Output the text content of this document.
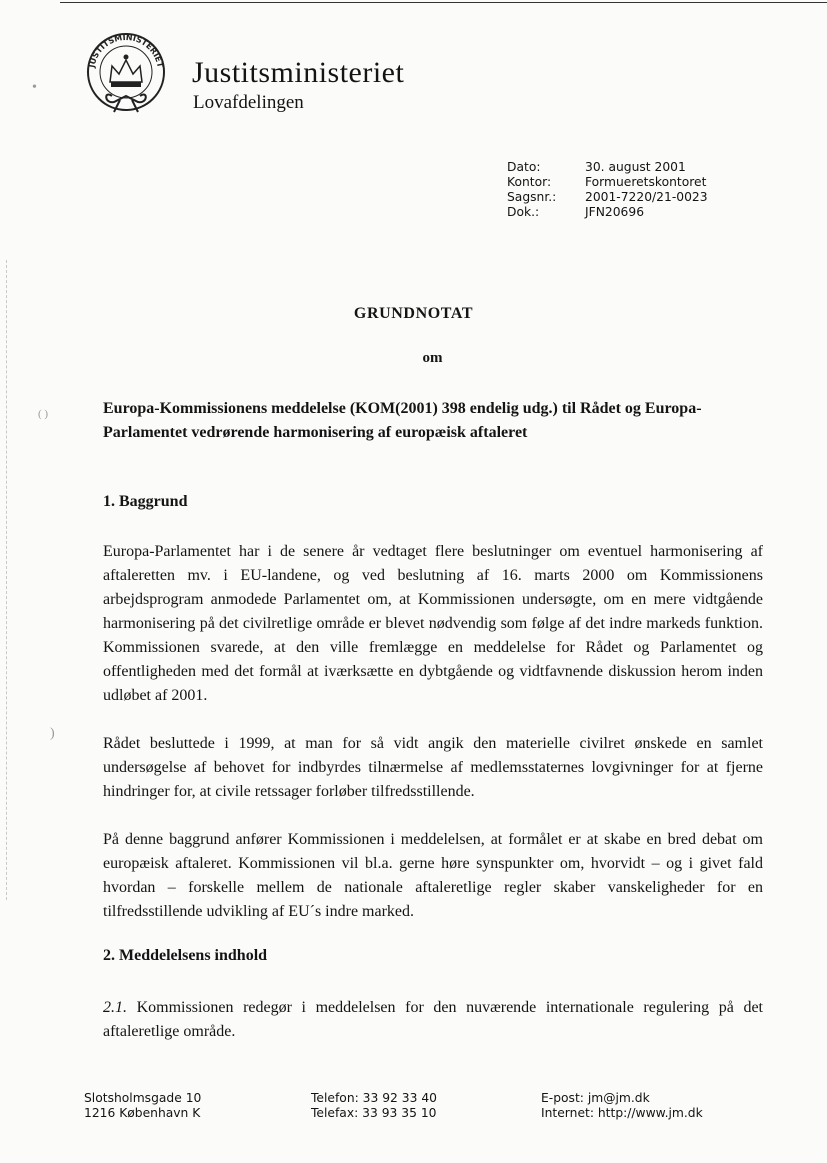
•
)
( )
JUSTITSMINISTERIET Justitsministeriet
Lovafdelingen
Dato:	30. august 2001
Kontor:	Formueretskontoret
Sagsnr.:	2001-7220/21-0023
Dok.:	JFN20696
GRUNDNOTAT
om
Europa-Kommissionens meddelelse (KOM(2001) 398 endelig udg.) til Rådet og Europa-Parlamentet vedrørende harmonisering af europæisk aftaleret
1. Baggrund
Europa-Parlamentet har i de senere år vedtaget flere beslutninger om eventuel harmonisering af aftaleretten mv. i EU-landene, og ved beslutning af 16. marts 2000 om Kommissionens arbejdsprogram anmodede Parlamentet om, at Kommissionen undersøgte, om en mere vidtgående harmonisering på det civilretlige område er blevet nødvendig som følge af det indre markeds funktion. Kommissionen svarede, at den ville fremlægge en meddelelse for Rådet og Parlamentet og offentligheden med det formål at iværksætte en dybtgående og vidtfavnende diskussion herom inden udløbet af 2001.
Rådet besluttede i 1999, at man for så vidt angik den materielle civilret ønskede en samlet undersøgelse af behovet for indbyrdes tilnærmelse af medlemsstaternes lovgivninger for at fjerne hindringer for, at civile retssager forløber tilfredsstillende.
På denne baggrund anfører Kommissionen i meddelelsen, at formålet er at skabe en bred debat om europæisk aftaleret. Kommissionen vil bl.a. gerne høre synspunkter om, hvorvidt – og i givet fald hvordan – forskelle mellem de nationale aftaleretlige regler skaber vanskeligheder for en tilfredsstillende udvikling af EU´s indre marked.
2. Meddelelsens indhold
2.1. Kommissionen redegør i meddelelsen for den nuværende internationale regulering på det aftaleretlige område.
Slotsholmsgade 10
1216 København K
Telefon: 33 92 33 40
Telefax: 33 93 35 10
E-post: jm@jm.dk
Internet: http://www.jm.dk
